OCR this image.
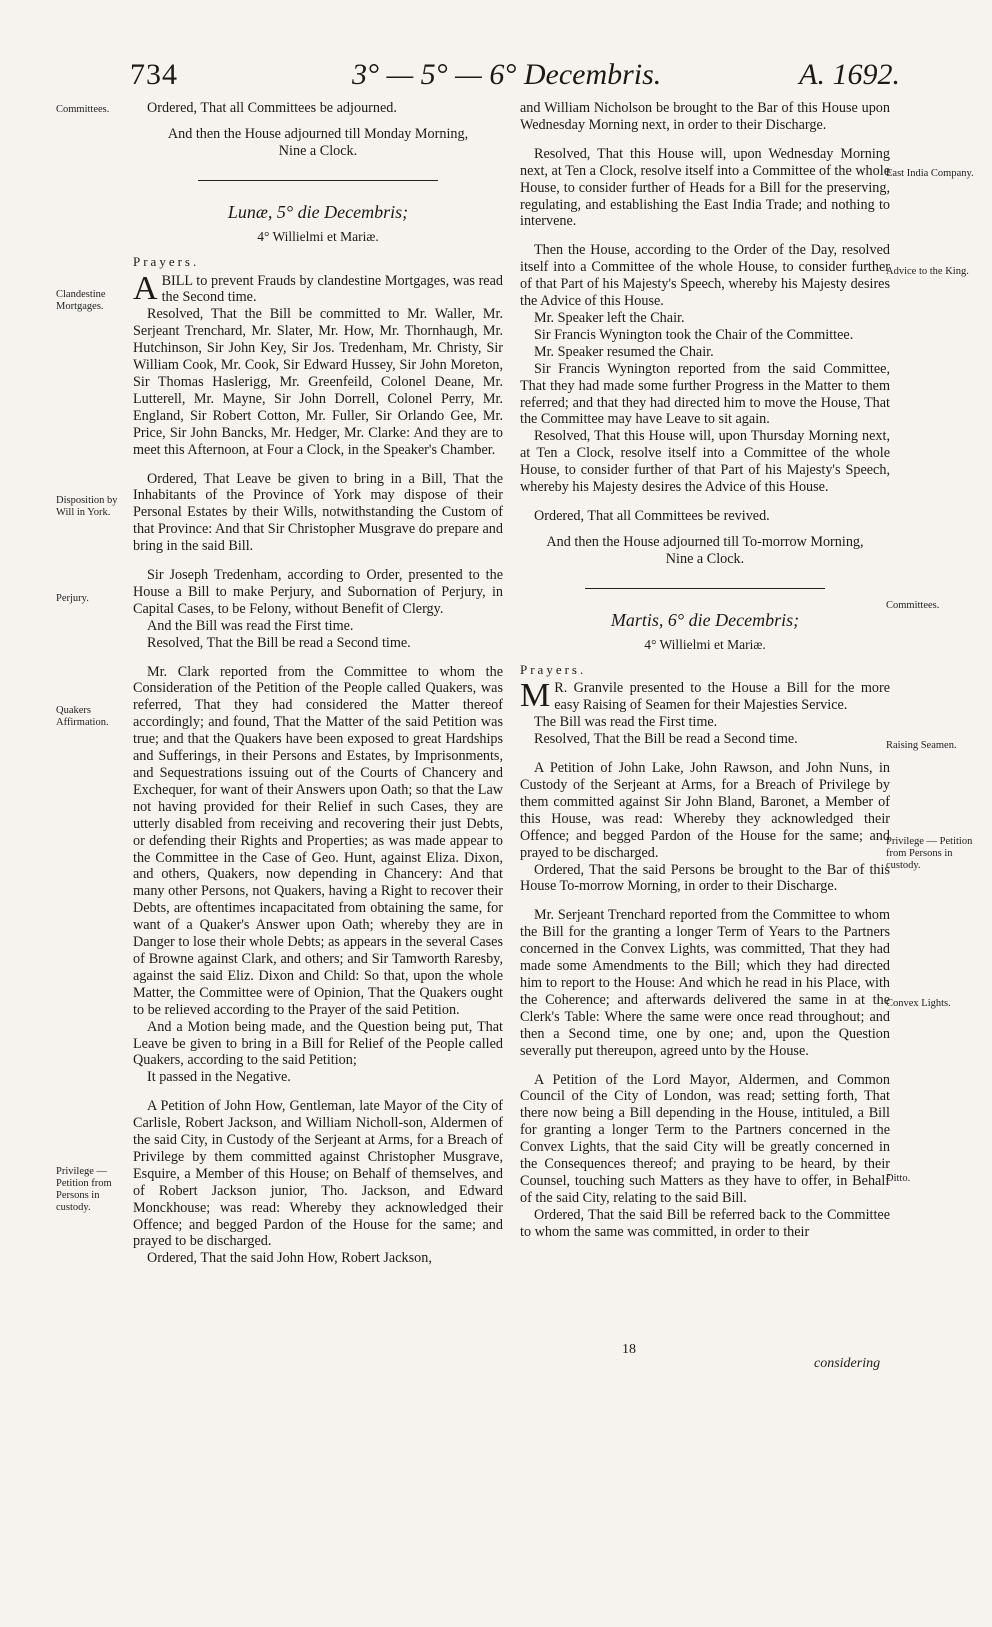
734	3° — 5° — 6° Decembris.	A. 1692.
Committees.
Clandestine Mortgages.
Disposition by Will in York.
Perjury.
Quakers Affirmation.
Privilege — Petition from Persons in custody.
East India Company.
Advice to the King.
Committees.
Raising Seamen.
Privilege — Petition from Persons in custody.
Convex Lights.
Ditto.

Ordered, That all Committees be adjourned.

And then the House adjourned till Monday Morning, Nine a Clock.

Lunæ, 5° die Decembris;
4° Willielmi et Mariæ.
Prayers.

ABILL to prevent Frauds by clandestine Mortgages, was read the Second time.

Resolved, That the Bill be committed to Mr. Waller, Mr. Serjeant Trenchard, Mr. Slater, Mr. How, Mr. Thornhaugh, Mr. Hutchinson, Sir John Key, Sir Jos. Tredenham, Mr. Christy, Sir William Cook, Mr. Cook, Sir Edward Hussey, Sir John Moreton, Sir Thomas Haslerigg, Mr. Greenfeild, Colonel Deane, Mr. Lutterell, Mr. Mayne, Sir John Dorrell, Colonel Perry, Mr. England, Sir Robert Cotton, Mr. Fuller, Sir Orlando Gee, Mr. Price, Sir John Bancks, Mr. Hedger, Mr. Clarke: And they are to meet this Afternoon, at Four a Clock, in the Speaker's Chamber.

Ordered, That Leave be given to bring in a Bill, That the Inhabitants of the Province of York may dispose of their Personal Estates by their Wills, notwithstanding the Custom of that Province: And that Sir Christopher Musgrave do prepare and bring in the said Bill.

Sir Joseph Tredenham, according to Order, presented to the House a Bill to make Perjury, and Subornation of Perjury, in Capital Cases, to be Felony, without Benefit of Clergy.

And the Bill was read the First time.

Resolved, That the Bill be read a Second time.

Mr. Clark reported from the Committee to whom the Consideration of the Petition of the People called Quakers, was referred, That they had considered the Matter thereof accordingly; and found, That the Matter of the said Petition was true; and that the Quakers have been exposed to great Hardships and Sufferings, in their Persons and Estates, by Imprisonments, and Sequestrations issuing out of the Courts of Chancery and Exchequer, for want of their Answers upon Oath; so that the Law not having provided for their Relief in such Cases, they are utterly disabled from receiving and recovering their just Debts, or defending their Rights and Properties; as was made appear to the Committee in the Case of Geo. Hunt, against Eliza. Dixon, and others, Quakers, now depending in Chancery: And that many other Persons, not Quakers, having a Right to recover their Debts, are oftentimes incapacitated from obtaining the same, for want of a Quaker's Answer upon Oath; whereby they are in Danger to lose their whole Debts; as appears in the several Cases of Browne against Clark, and others; and Sir Tamworth Raresby, against the said Eliz. Dixon and Child: So that, upon the whole Matter, the Committee were of Opinion, That the Quakers ought to be relieved according to the Prayer of the said Petition.

And a Motion being made, and the Question being put, That Leave be given to bring in a Bill for Relief of the People called Quakers, according to the said Petition;

It passed in the Negative.

A Petition of John How, Gentleman, late Mayor of the City of Carlisle, Robert Jackson, and William Nicholl-son, Aldermen of the said City, in Custody of the Serjeant at Arms, for a Breach of Privilege by them committed against Christopher Musgrave, Esquire, a Member of this House; on Behalf of themselves, and of Robert Jackson junior, Tho. Jackson, and Edward Monckhouse; was read: Whereby they acknowledged their Offence; and begged Pardon of the House for the same; and prayed to be discharged.

Ordered, That the said John How, Robert Jackson,

and William Nicholson be brought to the Bar of this House upon Wednesday Morning next, in order to their Discharge.

Resolved, That this House will, upon Wednesday Morning next, at Ten a Clock, resolve itself into a Committee of the whole House, to consider further of Heads for a Bill for the preserving, regulating, and establishing the East India Trade; and nothing to intervene.

Then the House, according to the Order of the Day, resolved itself into a Committee of the whole House, to consider further of that Part of his Majesty's Speech, whereby his Majesty desires the Advice of this House.

Mr. Speaker left the Chair.

Sir Francis Wynington took the Chair of the Committee.

Mr. Speaker resumed the Chair.

Sir Francis Wynington reported from the said Committee, That they had made some further Progress in the Matter to them referred; and that they had directed him to move the House, That the Committee may have Leave to sit again.

Resolved, That this House will, upon Thursday Morning next, at Ten a Clock, resolve itself into a Committee of the whole House, to consider further of that Part of his Majesty's Speech, whereby his Majesty desires the Advice of this House.

Ordered, That all Committees be revived.

And then the House adjourned till To-morrow Morning, Nine a Clock.

Martis, 6° die Decembris;
4° Willielmi et Mariæ.
Prayers.

M R. Granvile presented to the House a Bill for the more easy Raising of Seamen for their Majesties Service.

The Bill was read the First time.

Resolved, That the Bill be read a Second time.

A Petition of John Lake, John Rawson, and John Nuns, in Custody of the Serjeant at Arms, for a Breach of Privilege by them committed against Sir John Bland, Baronet, a Member of this House, was read: Whereby they acknowledged their Offence; and begged Pardon of the House for the same; and prayed to be discharged.

Ordered, That the said Persons be brought to the Bar of this House To-morrow Morning, in order to their Discharge.

Mr. Serjeant Trenchard reported from the Committee to whom the Bill for the granting a longer Term of Years to the Partners concerned in the Convex Lights, was committed, That they had made some Amendments to the Bill; which they had directed him to report to the House: And which he read in his Place, with the Coherence; and afterwards delivered the same in at the Clerk's Table: Where the same were once read throughout; and then a Second time, one by one; and, upon the Question severally put thereupon, agreed unto by the House.

A Petition of the Lord Mayor, Aldermen, and Common Council of the City of London, was read; setting forth, That there now being a Bill depending in the House, intituled, a Bill for granting a longer Term to the Partners concerned in the Convex Lights, that the said City will be greatly concerned in the Consequences thereof; and praying to be heard, by their Counsel, touching such Matters as they have to offer, in Behalf of the said City, relating to the said Bill.

Ordered, That the said Bill be referred back to the Committee to whom the same was committed, in order to their

18
considering
